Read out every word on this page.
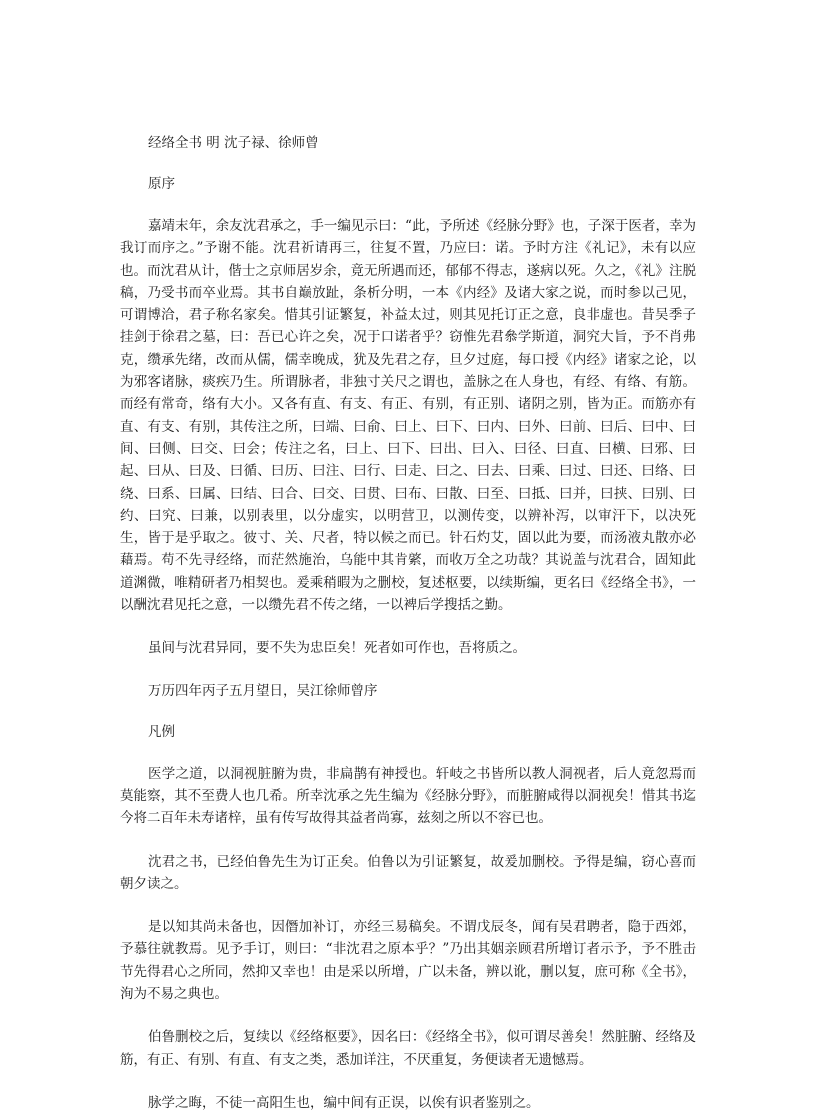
经络全书 明 沈子禄、徐师曾

原序

嘉靖末年，余友沈君承之，手一编见示曰：“此，予所述《经脉分野》也，子深于医者，幸为我订而序之。”予谢不能。沈君祈请再三，往复不置，乃应曰：诺。予时方注《礼记》，未有以应也。而沈君从计，偕士之京师居岁余，竟无所遇而还，郁郁不得志，遂病以死。久之，《礼》注脱稿，乃受书而卒业焉。其书自巅放趾，条析分明，一本《内经》及诸大家之说，而时参以己见，可谓博洽，君子称名家矣。惜其引证繁复，补益太过，则其见托订正之意，良非虚也。昔吴季子挂剑于徐君之墓，曰：吾已心许之矣，况于口诺者乎？窃惟先君叅学斯道，洞究大旨，予不肖弗克，缵承先绪，改而从儒，儒幸晚成，犹及先君之存，旦夕过庭，每口授《内经》诸家之论，以为邪客诸脉，痰疾乃生。所谓脉者，非独寸关尺之谓也，盖脉之在人身也，有经、有络、有筋。而经有常奇，络有大小。又各有直、有支、有正、有别，有正别、诸阴之别，皆为正。而筋亦有直、有支、有别，其传注之所，曰端、曰俞、曰上、曰下、曰内、曰外、曰前、曰后、曰中、曰间、曰侧、曰交、曰会；传注之名，曰上、曰下、曰出、曰入、曰径、曰直、曰横、曰邪、曰起、曰从、曰及、曰循、曰历、曰注、曰行、曰走、曰之、曰去、曰乘、曰过、曰还、曰络、曰绕、曰系、曰属、曰结、曰合、曰交、曰贯、曰布、曰散、曰至、曰抵、曰并，曰挟、曰别、曰约、曰究、曰兼，以别表里，以分虚实，以明营卫，以测传变，以辨补泻，以审汗下，以决死生，皆于是乎取之。彼寸、关、尺者，特以候之而已。针石灼艾，固以此为要，而汤液丸散亦必藉焉。苟不先寻经络，而茫然施治，乌能中其肯綮，而收万全之功哉？其说盖与沈君合，固知此道渊微，唯精研者乃相契也。爰乘稍暇为之删校，复述枢要，以续斯编，更名曰《经络全书》，一以酬沈君见托之意，一以缵先君不传之绪，一以裨后学搜括之勤。

虽间与沈君异同，要不失为忠臣矣！死者如可作也，吾将质之。

万历四年丙子五月望日，吴江徐师曾序

凡例

医学之道，以洞视脏腑为贵，非扁鹊有神授也。轩岐之书皆所以教人洞视者，后人竟忽焉而莫能察，其不至费人也几希。所幸沈承之先生编为《经脉分野》，而脏腑咸得以洞视矣！惜其书迄今将二百年未寿诸梓，虽有传写故得其益者尚寡，兹刻之所以不容已也。

沈君之书，已经伯鲁先生为订正矣。伯鲁以为引证繁复，故爰加删校。予得是编，窃心喜而朝夕读之。

是以知其尚未备也，因僭加补订，亦经三易稿矣。不谓戊辰冬，闻有吴君聘者，隐于西郊，予慕往就教焉。见予手订，则曰：“非沈君之原本乎？”乃出其姻亲顾君所增订者示予，予不胜击节先得君心之所同，然抑又幸也！由是采以所增，广以未备，辨以讹，删以复，庶可称《全书》，洵为不易之典也。

伯鲁删校之后，复续以《经络枢要》，因名曰：《经络全书》，似可谓尽善矣！然脏腑、经络及筋，有正、有别、有直、有支之类，悉加详注，不厌重复，务便读者无遗憾焉。

脉学之晦，不徒一高阳生也，编中间有正误，以俟有识者鉴别之。
